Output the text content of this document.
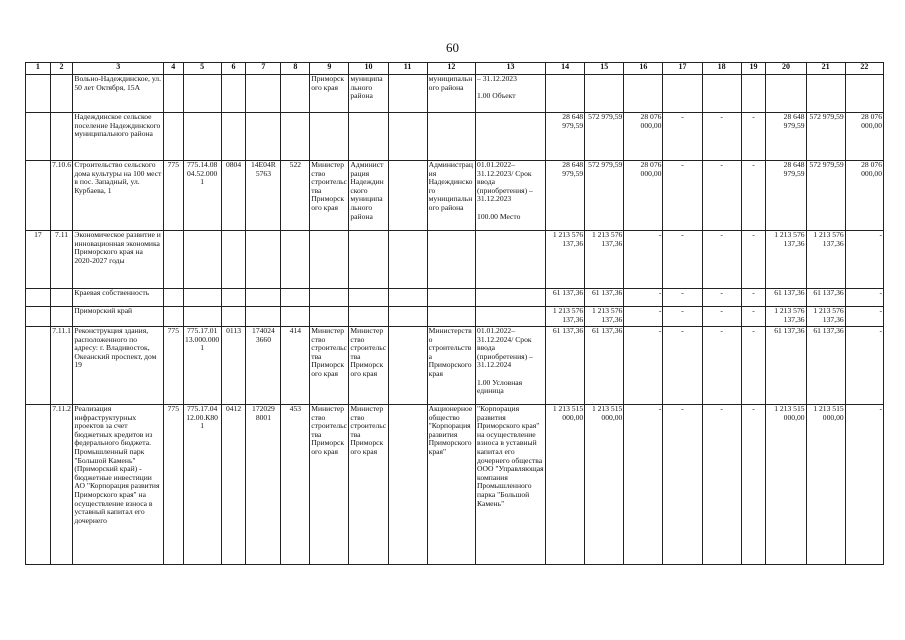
60
1	2	3	4	5	6	7	8	9	10	11	12	13	14	15	16	17	18	19	20	21	22
		Вольно-Надеждинское, ул. 50 лет Октября, 15А						Приморского края	муниципального района		муниципального района	– 31.12.2023

1.00 Объект									
		Надеждинское сельское поселение Надеждинского муниципального района											28 648 979,59	572 979,59	28 076 000,00	-	-	-	28 648 979,59	572 979,59	28 076 000,00
	7.10.6	Строительство сельского дома культуры на 100 мест в пос. Западный, ул. Курбаева, 1	775	775.14.08 04.52.000 1	0804	14Е04R 5763	522	Министерство строительства Приморского края	Администрация Надеждинского муниципального района		Администрация Надеждинского муниципального района	01.01.2022–31.12.2023/ Срок ввода (приобретения) – 31.12.2023

100.00 Место	28 648 979,59	572 979,59	28 076 000,00	-	-	-	28 648 979,59	572 979,59	28 076 000,00
17	7.11	Экономическое развитие и инновационная экономика Приморского края на 2020-2027 годы											1 213 576 137,36	1 213 576 137,36	-	-	-	-	1 213 576 137,36	1 213 576 137,36	-
		Краевая собственность											61 137,36	61 137,36	-	-	-	-	61 137,36	61 137,36	-
		Приморский край											1 213 576 137,36	1 213 576 137,36	-	-	-	-	1 213 576 137,36	1 213 576 137,36	-
	7.11.1	Реконструкция здания, расположенного по адресу: г. Владивосток, Океанский проспект, дом 19	775	775.17.01 13.000.000 1	0113	174024 3660	414	Министерство строительства Приморского края	Министерство строительства Приморского края		Министерство строительства Приморского края	01.01.2022–31.12.2024/ Срок ввода (приобретения) – 31.12.2024

1.00 Условная единица	61 137,36	61 137,36	-	-	-	-	61 137,36	61 137,36	-
	7.11.2	Реализация инфраструктурных проектов за счет бюджетных кредитов из федерального бюджета. Промышленный парк "Большой Камень" (Приморский край) - бюджетные инвестиции АО "Корпорация развития Приморского края" на осуществление взноса в уставный капитал его дочернего	775	775.17.04 12.00.К80 1	0412	172029 8001	453	Министерство строительства Приморского края	Министерство строительства Приморского края		Акционерное общество "Корпорация развития Приморского края"	"Корпорация развития Приморского края" на осуществление взноса в уставный капитал его дочернего общества ООО "Управляющая компания Промышленного парка "Большой Камень"	1 213 515 000,00	1 213 515 000,00	-	-	-	-	1 213 515 000,00	1 213 515 000,00	-
